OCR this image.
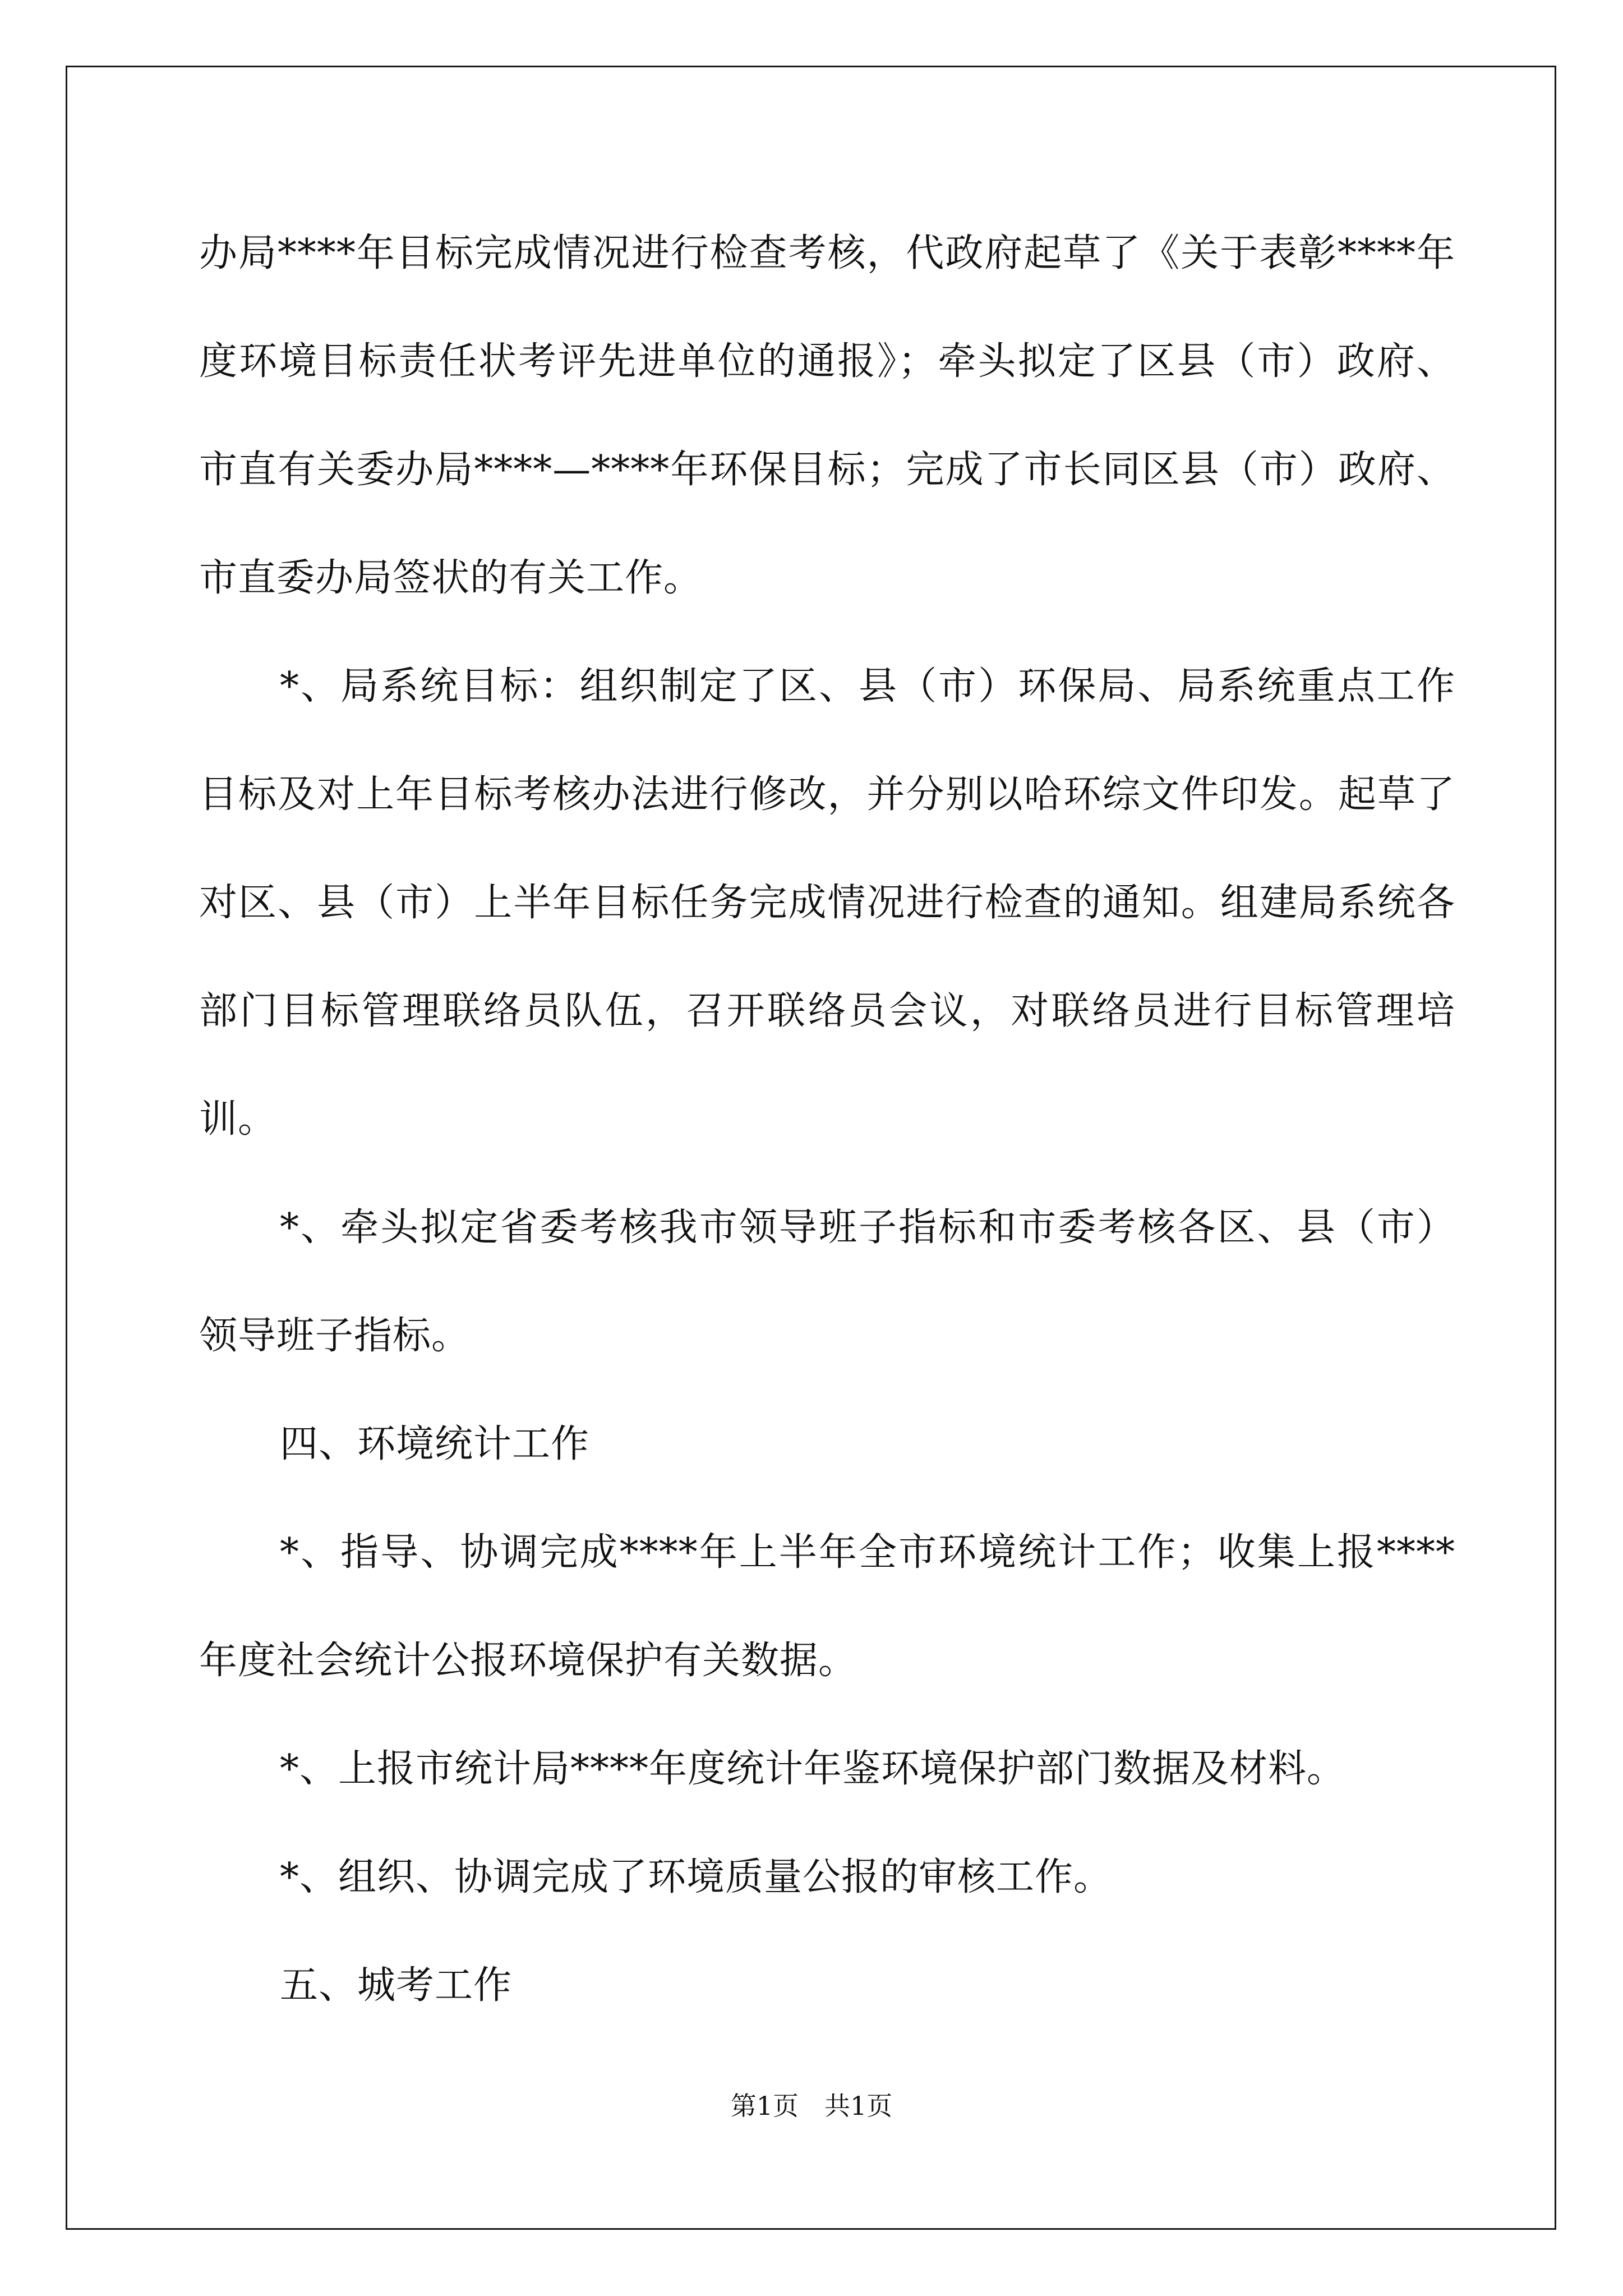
办局****年目标完成情况进行检查考核，代政府起草了《关于表彰****年度环境目标责任状考评先进单位的通报》；牵头拟定了区县（市）政府、市直有关委办局****—****年环保目标；完成了市长同区县（市）政府、市直委办局签状的有关工作。

*、局系统目标：组织制定了区、县（市）环保局、局系统重点工作目标及对上年目标考核办法进行修改，并分别以哈环综文件印发。起草了对区、县（市）上半年目标任务完成情况进行检查的通知。组建局系统各部门目标管理联络员队伍，召开联络员会议，对联络员进行目标管理培训。

*、牵头拟定省委考核我市领导班子指标和市委考核各区、县（市）领导班子指标。

四、环境统计工作

*、指导、协调完成****年上半年全市环境统计工作；收集上报****年度社会统计公报环境保护有关数据。

*、上报市统计局****年度统计年鉴环境保护部门数据及材料。

*、组织、协调完成了环境质量公报的审核工作。

五、城考工作

第1页　共1页
